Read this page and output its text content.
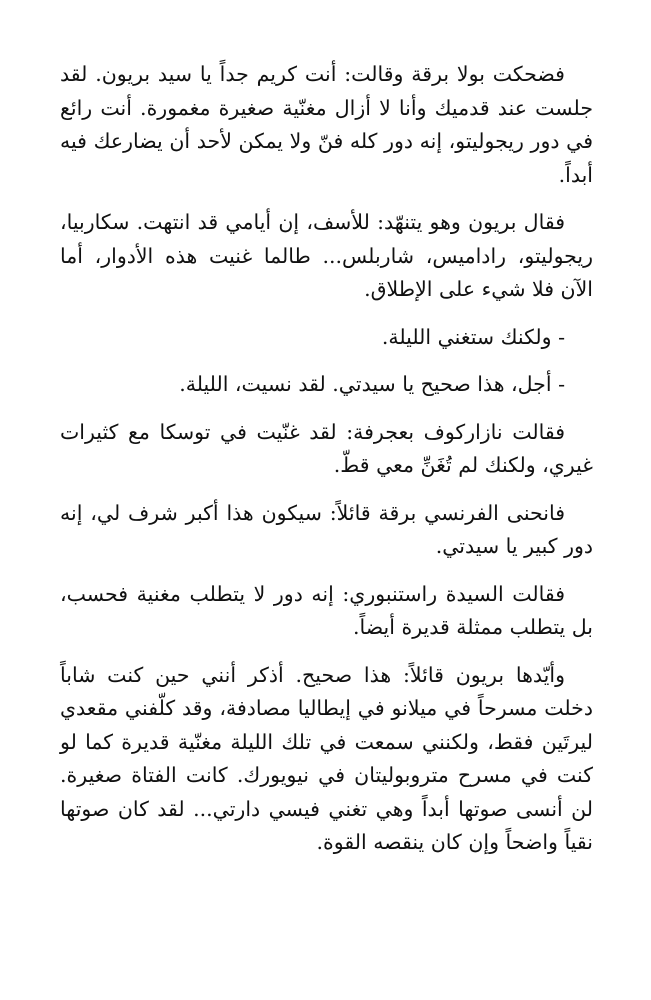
فضحكت بولا برقة وقالت: أنت كريم جداً يا سيد بريون. لقد جلست عند قدميك وأنا لا أزال مغنّية صغيرة مغمورة. أنت رائع في دور ريجوليتو، إنه دور كله فنّ ولا يمكن لأحد أن يضارعك فيه أبداً.

فقال بريون وهو يتنهّد: للأسف، إن أيامي قد انتهت. سكاربيا، ريجوليتو، راداميس، شاربلس... طالما غنيت هذه الأدوار، أما الآن فلا شيء على الإطلاق.

- ولكنك ستغني الليلة.

- أجل، هذا صحيح يا سيدتي. لقد نسيت، الليلة.

فقالت نازاركوف بعجرفة: لقد غنّيت في توسكا مع كثيرات غيري، ولكنك لم تُغَنِّ معي قطّ.

فانحنى الفرنسي برقة قائلاً: سيكون هذا أكبر شرف لي، إنه دور كبير يا سيدتي.

فقالت السيدة راستنبوري: إنه دور لا يتطلب مغنية فحسب، بل يتطلب ممثلة قديرة أيضاً.

وأيّدها بريون قائلاً: هذا صحيح. أذكر أنني حين كنت شاباً دخلت مسرحاً في ميلانو في إيطاليا مصادفة، وقد كلّفني مقعدي ليرتَين فقط، ولكنني سمعت في تلك الليلة مغنّية قديرة كما لو كنت في مسرح متروبوليتان في نيويورك. كانت الفتاة صغيرة. لن أنسى صوتها أبداً وهي تغني فيسي دارتي... لقد كان صوتها نقياً واضحاً وإن كان ينقصه القوة.
